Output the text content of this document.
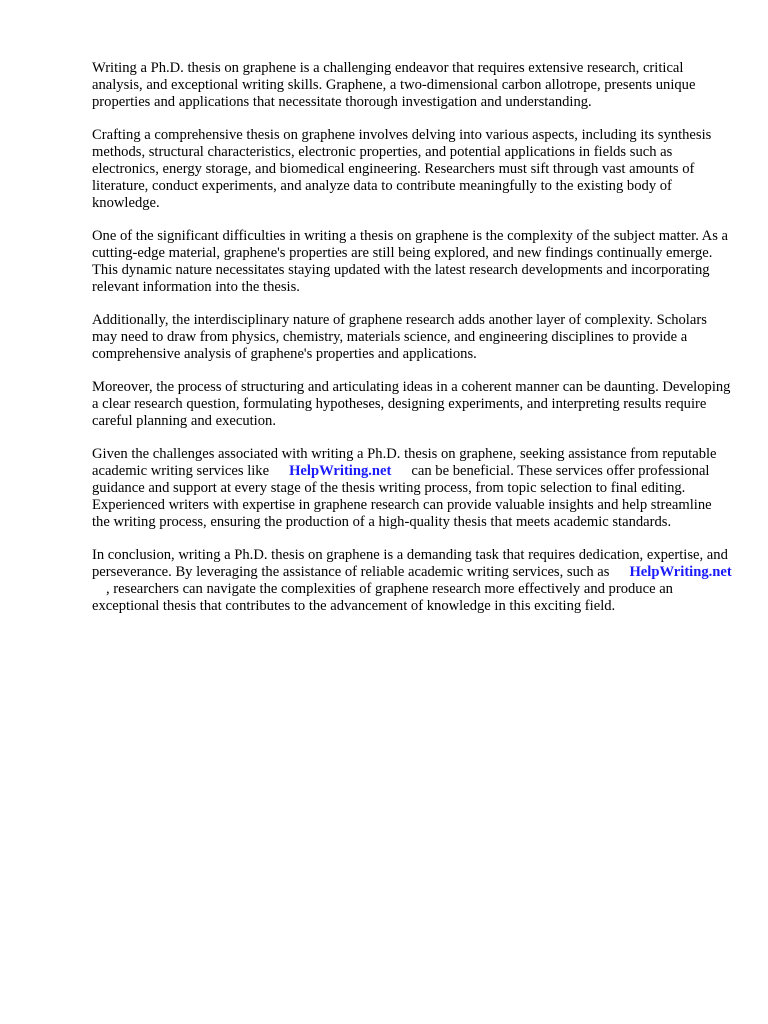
Writing a Ph.D. thesis on graphene is a challenging endeavor that requires extensive research, critical analysis, and exceptional writing skills. Graphene, a two-dimensional carbon allotrope, presents unique properties and applications that necessitate thorough investigation and understanding.

Crafting a comprehensive thesis on graphene involves delving into various aspects, including its synthesis methods, structural characteristics, electronic properties, and potential applications in fields such as electronics, energy storage, and biomedical engineering. Researchers must sift through vast amounts of literature, conduct experiments, and analyze data to contribute meaningfully to the existing body of knowledge.

One of the significant difficulties in writing a thesis on graphene is the complexity of the subject matter. As a cutting-edge material, graphene's properties are still being explored, and new findings continually emerge. This dynamic nature necessitates staying updated with the latest research developments and incorporating relevant information into the thesis.

Additionally, the interdisciplinary nature of graphene research adds another layer of complexity. Scholars may need to draw from physics, chemistry, materials science, and engineering disciplines to provide a comprehensive analysis of graphene's properties and applications.

Moreover, the process of structuring and articulating ideas in a coherent manner can be daunting. Developing a clear research question, formulating hypotheses, designing experiments, and interpreting results require careful planning and execution.

Given the challenges associated with writing a Ph.D. thesis on graphene, seeking assistance from reputable academic writing services like HelpWriting.net can be beneficial. These services offer professional guidance and support at every stage of the thesis writing process, from topic selection to final editing. Experienced writers with expertise in graphene research can provide valuable insights and help streamline the writing process, ensuring the production of a high-quality thesis that meets academic standards.

In conclusion, writing a Ph.D. thesis on graphene is a demanding task that requires dedication, expertise, and perseverance. By leveraging the assistance of reliable academic writing services, such as HelpWriting.net, researchers can navigate the complexities of graphene research more effectively and produce an exceptional thesis that contributes to the advancement of knowledge in this exciting field.
